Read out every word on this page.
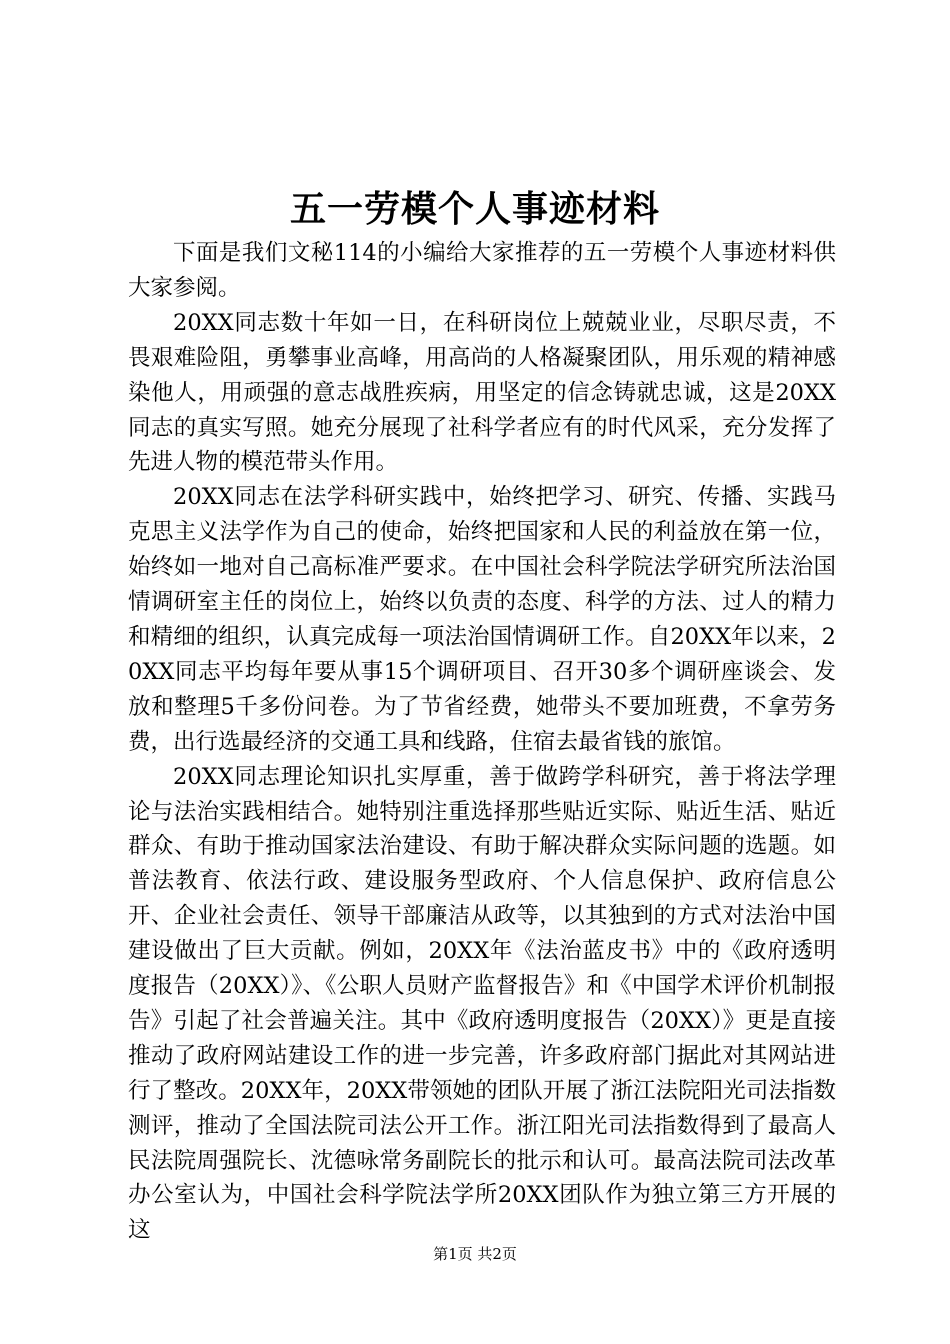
五一劳模个人事迹材料

下面是我们文秘114的小编给大家推荐的五一劳模个人事迹材料供大家参阅。

20XX同志数十年如一日，在科研岗位上兢兢业业，尽职尽责，不畏艰难险阻，勇攀事业高峰，用高尚的人格凝聚团队，用乐观的精神感染他人，用顽强的意志战胜疾病，用坚定的信念铸就忠诚，这是20XX同志的真实写照。她充分展现了社科学者应有的时代风采，充分发挥了先进人物的模范带头作用。

20XX同志在法学科研实践中，始终把学习、研究、传播、实践马克思主义法学作为自己的使命，始终把国家和人民的利益放在第一位，始终如一地对自己高标准严要求。在中国社会科学院法学研究所法治国情调研室主任的岗位上，始终以负责的态度、科学的方法、过人的精力和精细的组织，认真完成每一项法治国情调研工作。自20XX年以来，20XX同志平均每年要从事15个调研项目、召开30多个调研座谈会、发放和整理5千多份问卷。为了节省经费，她带头不要加班费，不拿劳务费，出行选最经济的交通工具和线路，住宿去最省钱的旅馆。

20XX同志理论知识扎实厚重，善于做跨学科研究，善于将法学理论与法治实践相结合。她特别注重选择那些贴近实际、贴近生活、贴近群众、有助于推动国家法治建设、有助于解决群众实际问题的选题。如普法教育、依法行政、建设服务型政府、个人信息保护、政府信息公开、企业社会责任、领导干部廉洁从政等，以其独到的方式对法治中国建设做出了巨大贡献。例如，20XX年《法治蓝皮书》中的《政府透明度报告（20XX）》、《公职人员财产监督报告》和《中国学术评价机制报告》引起了社会普遍关注。其中《政府透明度报告（20XX）》更是直接推动了政府网站建设工作的进一步完善，许多政府部门据此对其网站进行了整改。20XX年，20XX带领她的团队开展了浙江法院阳光司法指数测评，推动了全国法院司法公开工作。浙江阳光司法指数得到了最高人民法院周强院长、沈德咏常务副院长的批示和认可。最高法院司法改革办公室认为，中国社会科学院法学所20XX团队作为独立第三方开展的这

第1页 共2页
